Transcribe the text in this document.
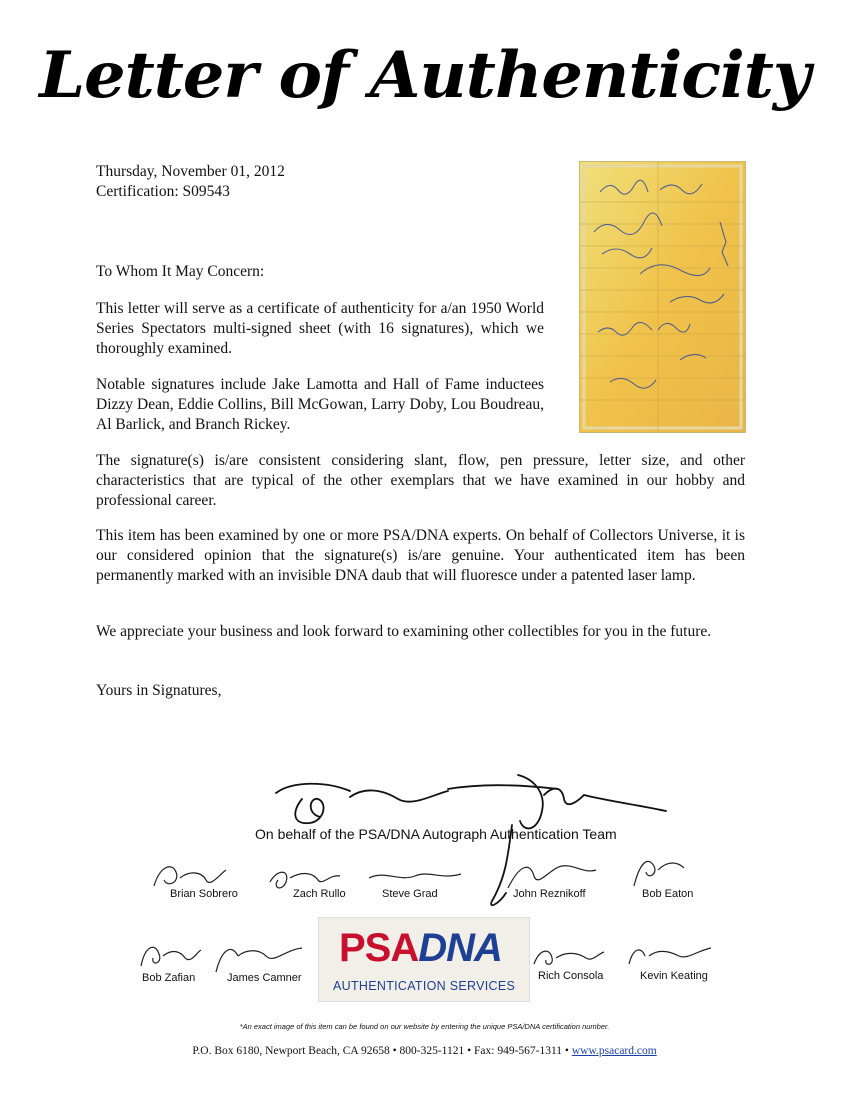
Letter of Authenticity
Thursday, November 01, 2012
Certification: S09543
To Whom It May Concern:
This letter will serve as a certificate of authenticity for a/an 1950 World Series Spectators multi-signed sheet (with 16 signatures), which we thoroughly examined.
Notable signatures include Jake Lamotta and Hall of Fame inductees Dizzy Dean, Eddie Collins, Bill McGowan, Larry Doby, Lou Boudreau, Al Barlick, and Branch Rickey.
The signature(s) is/are consistent considering slant, flow, pen pressure, letter size, and other characteristics that are typical of the other exemplars that we have examined in our hobby and professional career.
This item has been examined by one or more PSA/DNA experts. On behalf of Collectors Universe, it is our considered opinion that the signature(s) is/are genuine. Your authenticated item has been permanently marked with an invisible DNA daub that will fluoresce under a patented laser lamp.
We appreciate your business and look forward to examining other collectibles for you in the future.
Yours in Signatures,
On behalf of the PSA/DNA Autograph Authentication Team
Brian Sobrero	Zach Rullo	Steve Grad	John Reznikoff	Bob Eaton
PSADNA
AUTHENTICATION SERVICES
Bob Zafian	James Camner	Rich Consola	Kevin Keating
*An exact image of this item can be found on our website by entering the unique PSA/DNA certification number.
P.O. Box 6180, Newport Beach, CA 92658 • 800-325-1121 • Fax: 949-567-1311 • www.psacard.com
